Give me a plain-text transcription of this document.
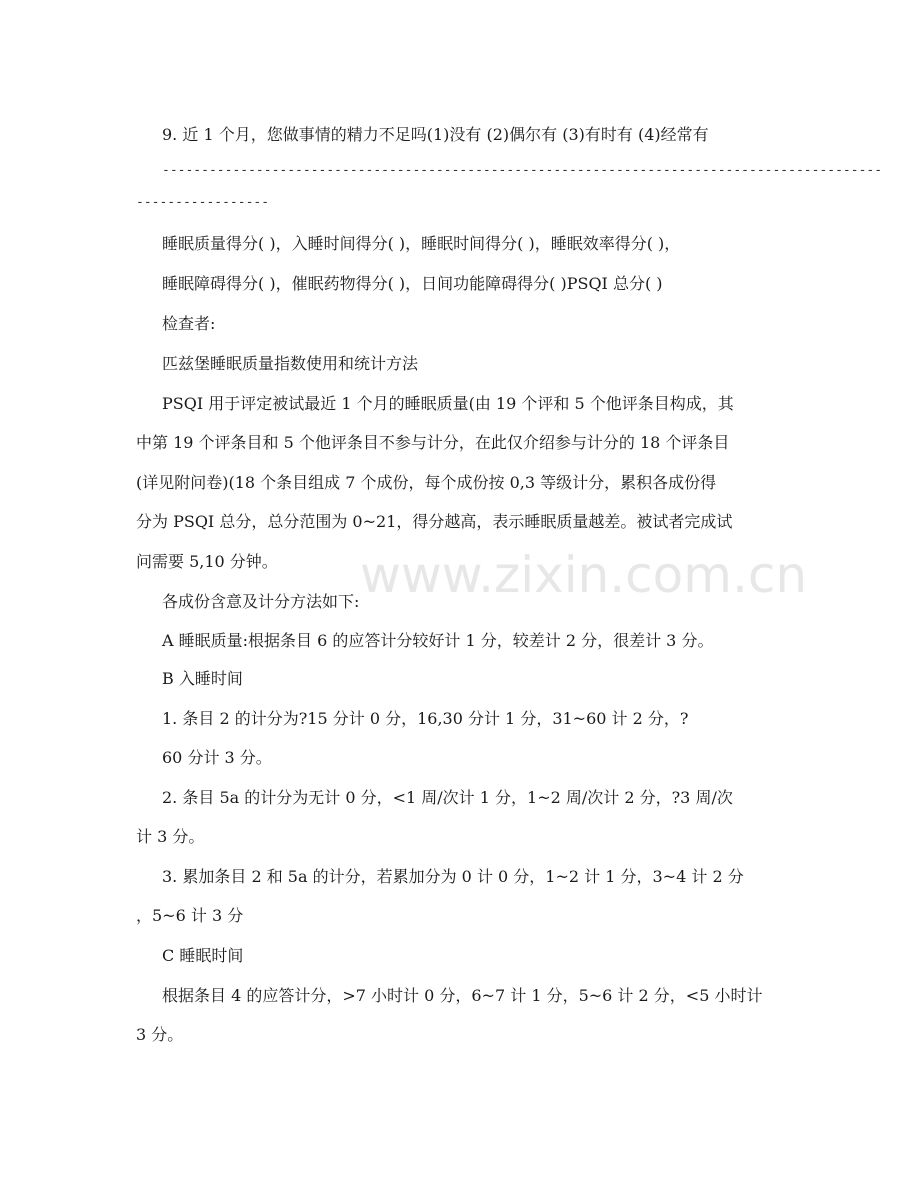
www.zixin.com.cn

9. 近 1 个月，您做事情的精力不足吗(1)没有 (2)偶尔有 (3)有时有 (4)经常有

--------------------------------------------------------------------------------------------

-----------------

睡眠质量得分( )，入睡时间得分( )，睡眠时间得分( )，睡眠效率得分( )，

睡眠障碍得分( )，催眠药物得分( )，日间功能障碍得分( )PSQI 总分( )

检查者:

匹兹堡睡眠质量指数使用和统计方法

PSQI 用于评定被试最近 1 个月的睡眠质量(由 19 个评和 5 个他评条目构成，其

中第 19 个评条目和 5 个他评条目不参与计分，在此仅介绍参与计分的 18 个评条目

(详见附问卷)(18 个条目组成 7 个成份，每个成份按 0,3 等级计分，累积各成份得

分为 PSQI 总分，总分范围为 0~21，得分越高，表示睡眠质量越差。被试者完成试

问需要 5,10 分钟。

各成份含意及计分方法如下:

A 睡眠质量:根据条目 6 的应答计分较好计 1 分，较差计 2 分，很差计 3 分。

B 入睡时间

1. 条目 2 的计分为?15 分计 0 分，16,30 分计 1 分，31~60 计 2 分，?

60 分计 3 分。

2. 条目 5a 的计分为无计 0 分，<1 周/次计 1 分，1~2 周/次计 2 分，?3 周/次

计 3 分。

3. 累加条目 2 和 5a 的计分，若累加分为 0 计 0 分，1~2 计 1 分，3~4 计 2 分

，5~6 计 3 分

C 睡眠时间

根据条目 4 的应答计分，>7 小时计 0 分，6~7 计 1 分，5~6 计 2 分，<5 小时计

3 分。
